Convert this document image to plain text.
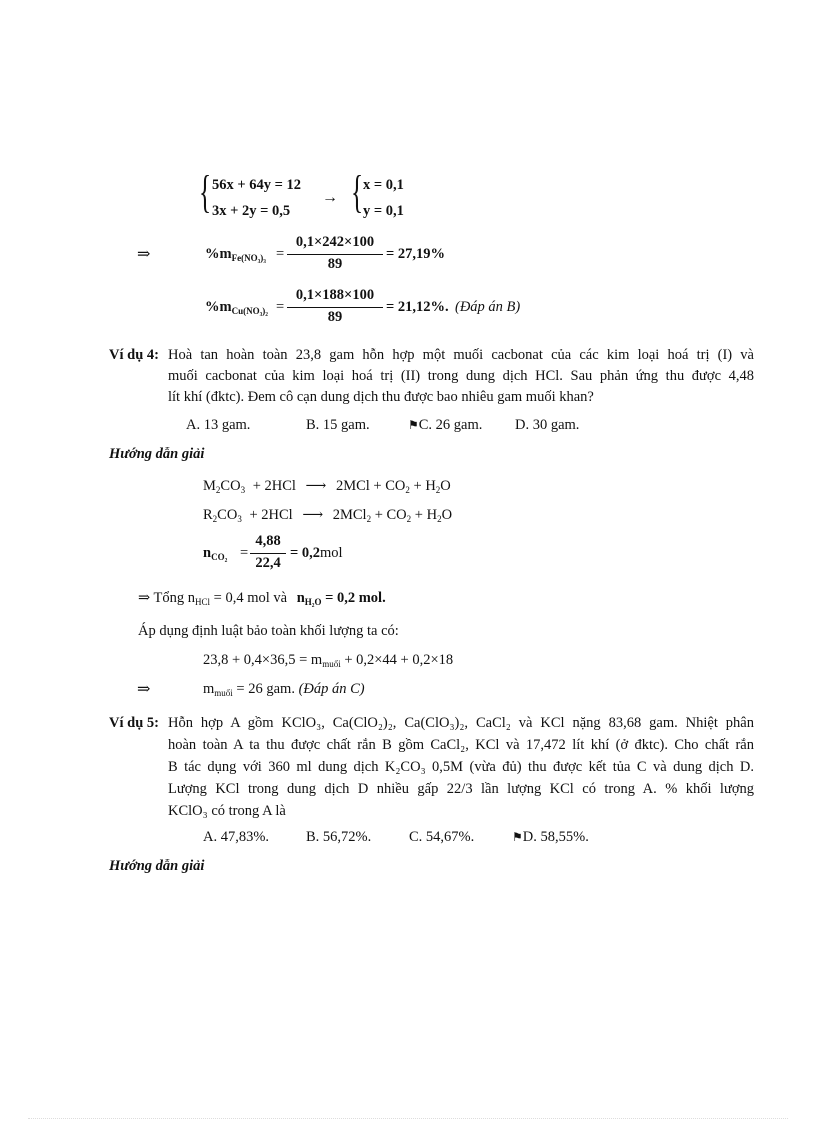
{ 56x + 64y = 12
3x + 2y = 0,5
→ { x = 0,1
y = 0,1
⇒	$\%m_{Fe(NO_3)_3}$ =
0,1×242×100
89
= 27,19%
$\%m_{Cu(NO_3)_2}$ =
0,1×188×100
89
= 21,12%. (Đáp án B)
Ví dụ 4: Hoà tan hoàn toàn 23,8 gam hỗn hợp một muối cacbonat của các kim loại hoá trị (I) và
muối cacbonat của kim loại hoá trị (II) trong dung dịch HCl. Sau phản ứng thu được 4,48
lít khí (đktc). Đem cô cạn dung dịch thu được bao nhiêu gam muối khan?
A. 13 gam.	B. 15 gam.	⚑C. 26 gam. D. 30 gam.
Hướng dẫn giải
$M_2CO_3 + 2HCl$ ⟶ $2MCl + CO_2 + H_2O$
$R_2CO_3 + 2HCl$ ⟶ $2MCl_2 + CO_2 + H_2O$
$n_{CO_2}$ =
4,88
22,4
= 0,2mol
⇒ Tổng $n_{HCl} = 0,4$ mol và $n_{H_2O} = 0,2$ mol.
Áp dụng định luật bảo toàn khối lượng ta có:
$23,8 + 0,4\times 36,5 = m_{muối} + 0,2\times 44 + 0,2\times 18$
⇒	$m_{muối} = 26$ gam. (Đáp án C)
Ví dụ 5: Hỗn hợp A gồm KClO₃, Ca(ClO₂)₂, Ca(ClO₃)₂, CaCl₂ và KCl nặng 83,68 gam. Nhiệt phân
hoàn toàn A ta thu được chất rắn B gồm CaCl₂, KCl và 17,472 lít khí (ở đktc). Cho chất rắn
B tác dụng với 360 ml dung dịch K₂CO₃ 0,5M (vừa đủ) thu được kết tủa C và dung dịch D.
Lượng KCl trong dung dịch D nhiều gấp 22/3 lần lượng KCl có trong A. % khối lượng
KClO₃ có trong A là
A. 47,83%.	B. 56,72%.	C. 54,67%.	⚑D. 58,55%.
Hướng dẫn giải
